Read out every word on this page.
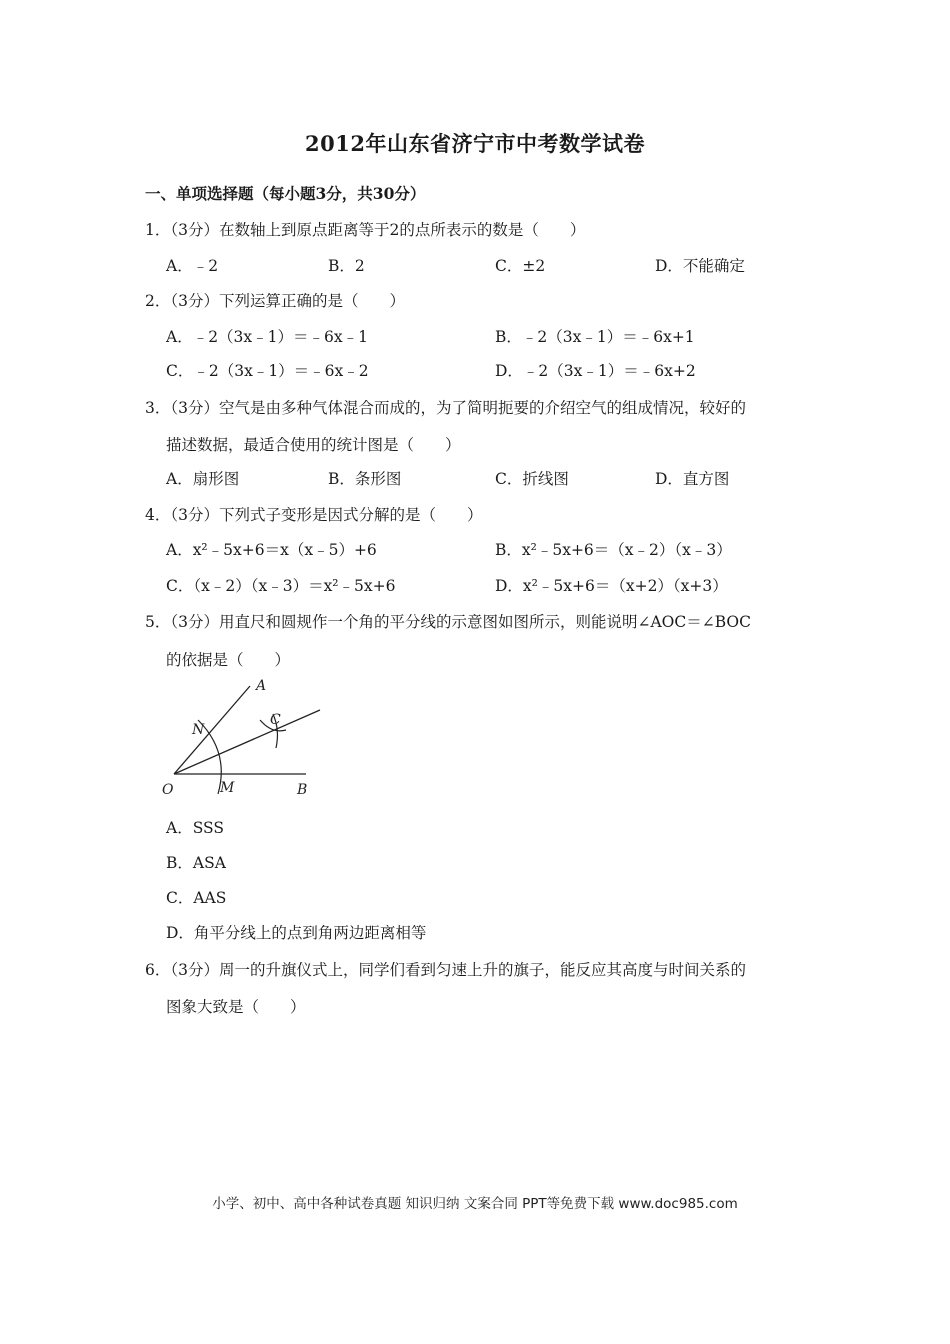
2012年山东省济宁市中考数学试卷
一、单项选择题（每小题3分，共30分）
1．（3分）在数轴上到原点距离等于2的点所表示的数是（　　）
A．﹣2	B．2	C．±2	D．不能确定
2．（3分）下列运算正确的是（　　）
A．﹣2（3x﹣1）＝﹣6x﹣1	B．﹣2（3x﹣1）＝﹣6x+1
C．﹣2（3x﹣1）＝﹣6x﹣2	D．﹣2（3x﹣1）＝﹣6x+2
3．（3分）空气是由多种气体混合而成的，为了简明扼要的介绍空气的组成情况，较好的
描述数据，最适合使用的统计图是（　　）
A．扇形图	B．条形图	C．折线图	D．直方图
4．（3分）下列式子变形是因式分解的是（　　）
A．x²﹣5x+6＝x（x﹣5）+6	B．x²﹣5x+6＝（x﹣2）（x﹣3）
C．（x﹣2）（x﹣3）＝x²﹣5x+6	D．x²﹣5x+6＝（x+2）（x+3）
5．（3分）用直尺和圆规作一个角的平分线的示意图如图所示，则能说明∠AOC＝∠BOC
的依据是（　　）
A
N
C
O	M	B
A．SSS
B．ASA
C．AAS
D．角平分线上的点到角两边距离相等
6．（3分）周一的升旗仪式上，同学们看到匀速上升的旗子，能反应其高度与时间关系的
图象大致是（　　）
小学、初中、高中各种试卷真题 知识归纳 文案合同 PPT等免费下载 www.doc985.com
